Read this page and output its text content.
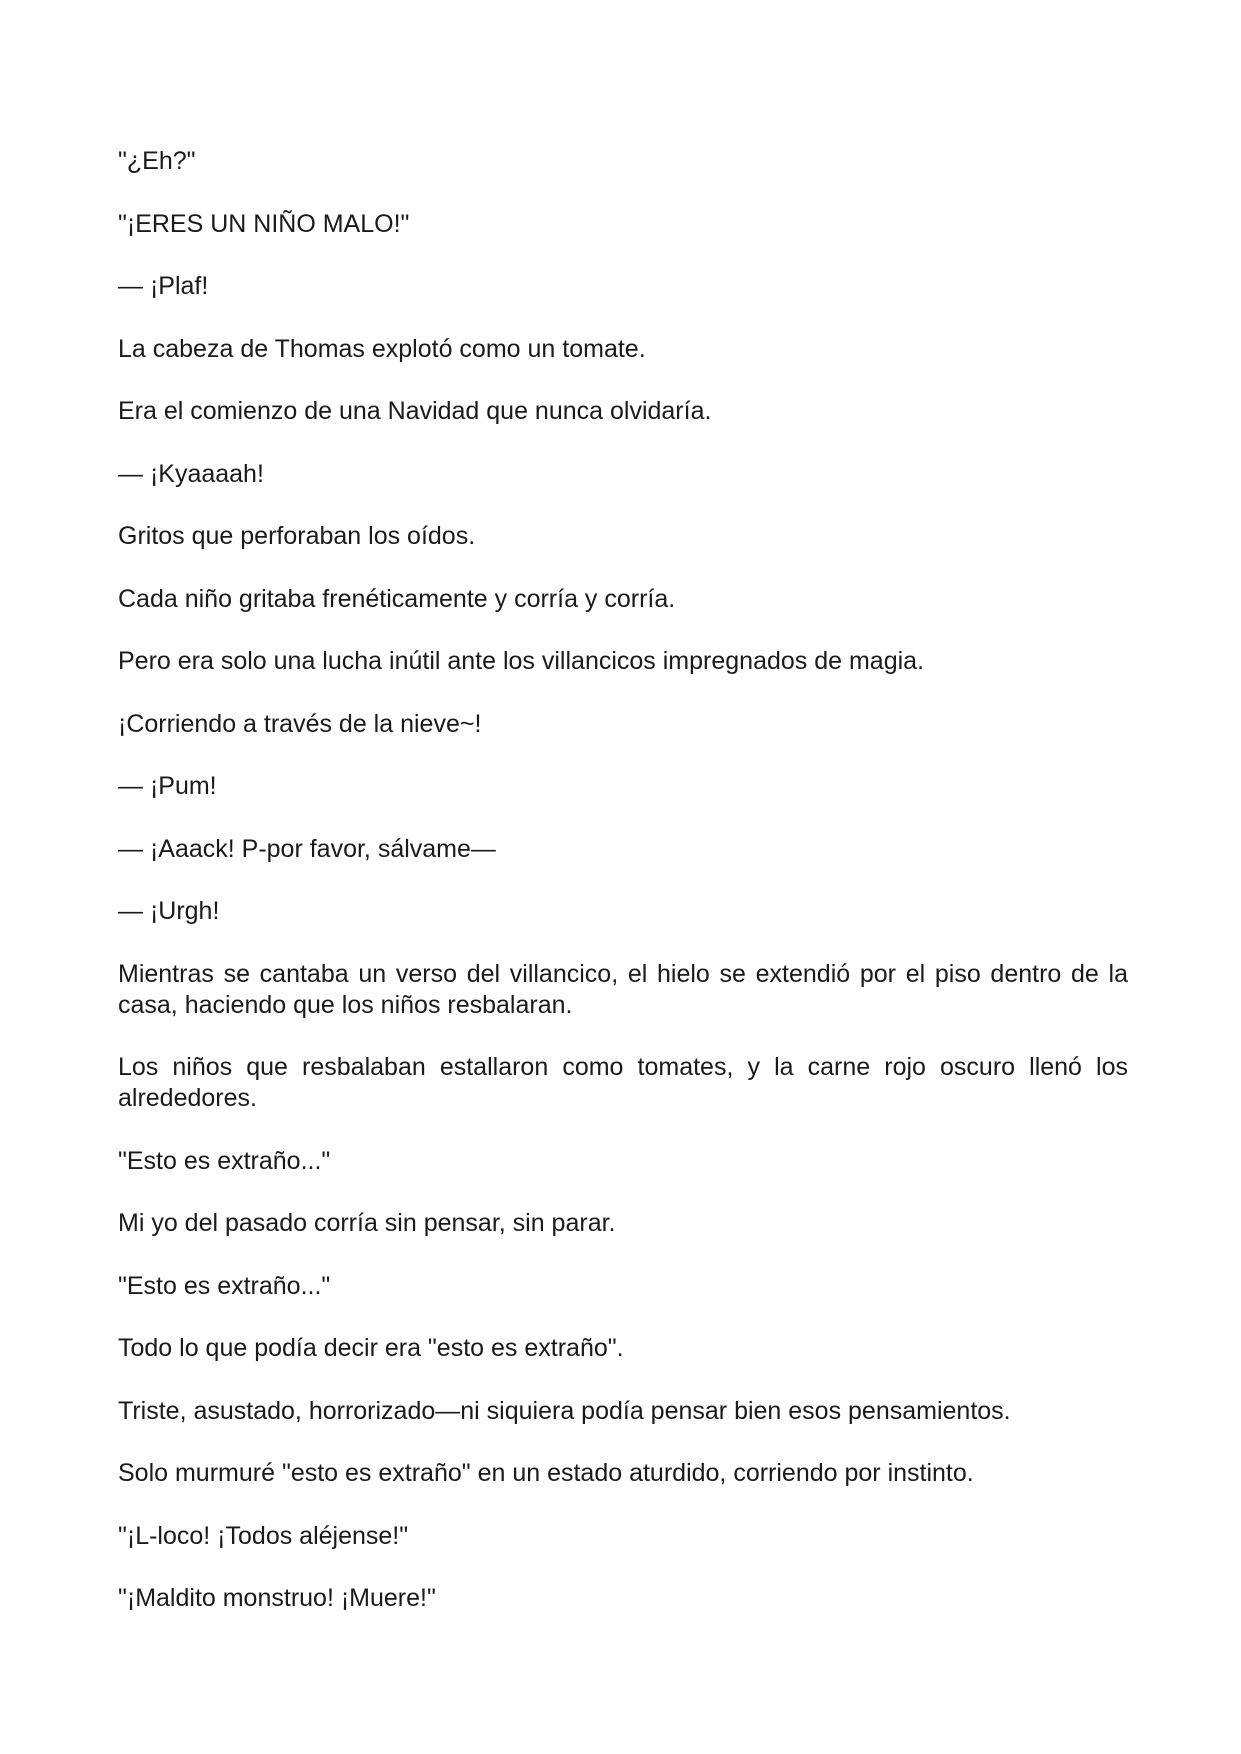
"¿Eh?"

"¡ERES UN NIÑO MALO!"

— ¡Plaf!

La cabeza de Thomas explotó como un tomate.

Era el comienzo de una Navidad que nunca olvidaría.

— ¡Kyaaaah!

Gritos que perforaban los oídos.

Cada niño gritaba frenéticamente y corría y corría.

Pero era solo una lucha inútil ante los villancicos impregnados de magia.

¡Corriendo a través de la nieve~!

— ¡Pum!

— ¡Aaack! P-por favor, sálvame—

— ¡Urgh!

Mientras se cantaba un verso del villancico, el hielo se extendió por el piso dentro de la casa, haciendo que los niños resbalaran.

Los niños que resbalaban estallaron como tomates, y la carne rojo oscuro llenó los alrededores.

"Esto es extraño..."

Mi yo del pasado corría sin pensar, sin parar.

"Esto es extraño..."

Todo lo que podía decir era "esto es extraño".

Triste, asustado, horrorizado—ni siquiera podía pensar bien esos pensamientos.

Solo murmuré "esto es extraño" en un estado aturdido, corriendo por instinto.

"¡L-loco! ¡Todos aléjense!"

"¡Maldito monstruo! ¡Muere!"
